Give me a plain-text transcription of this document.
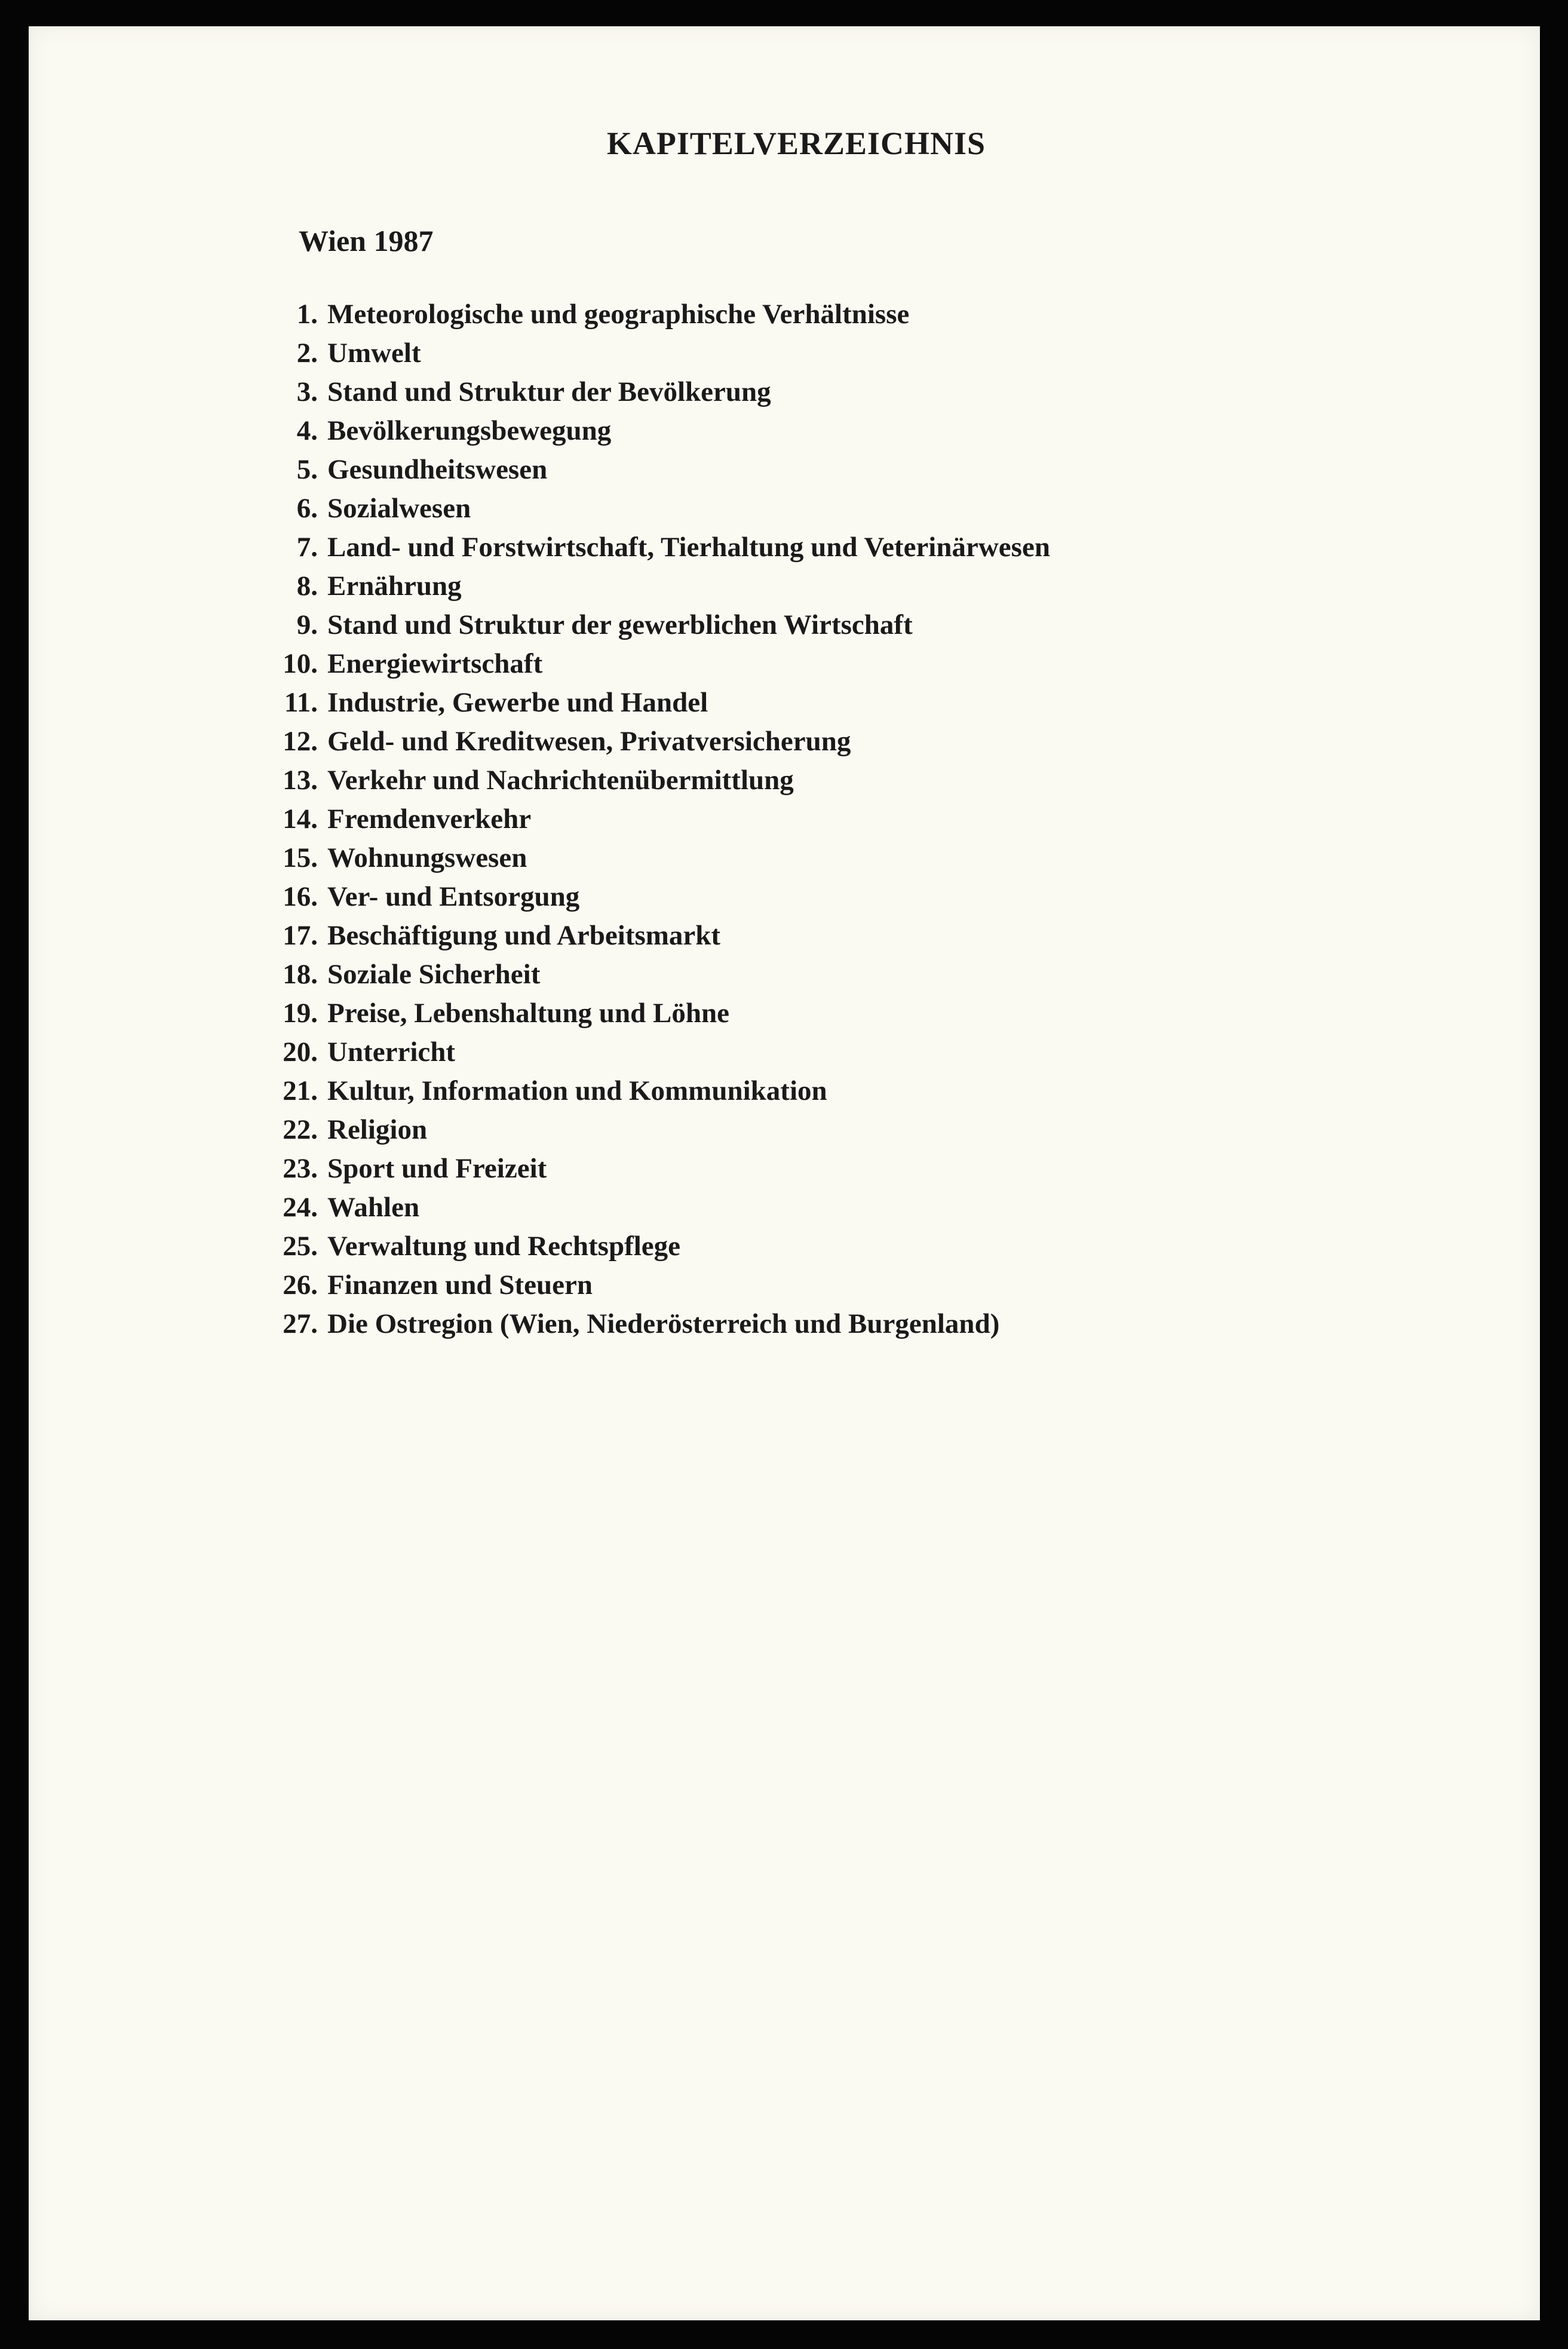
KAPITELVERZEICHNIS

Wien 1987

1. Meteorologische und geographische Verhältnisse
2. Umwelt
3. Stand und Struktur der Bevölkerung
4. Bevölkerungsbewegung
5. Gesundheitswesen
6. Sozialwesen
7. Land- und Forstwirtschaft, Tierhaltung und Veterinärwesen
8. Ernährung
9. Stand und Struktur der gewerblichen Wirtschaft
10. Energiewirtschaft
11. Industrie, Gewerbe und Handel
12. Geld- und Kreditwesen, Privatversicherung
13. Verkehr und Nachrichtenübermittlung
14. Fremdenverkehr
15. Wohnungswesen
16. Ver- und Entsorgung
17. Beschäftigung und Arbeitsmarkt
18. Soziale Sicherheit
19. Preise, Lebenshaltung und Löhne
20. Unterricht
21. Kultur, Information und Kommunikation
22. Religion
23. Sport und Freizeit
24. Wahlen
25. Verwaltung und Rechtspflege
26. Finanzen und Steuern
27. Die Ostregion (Wien, Niederösterreich und Burgenland)
